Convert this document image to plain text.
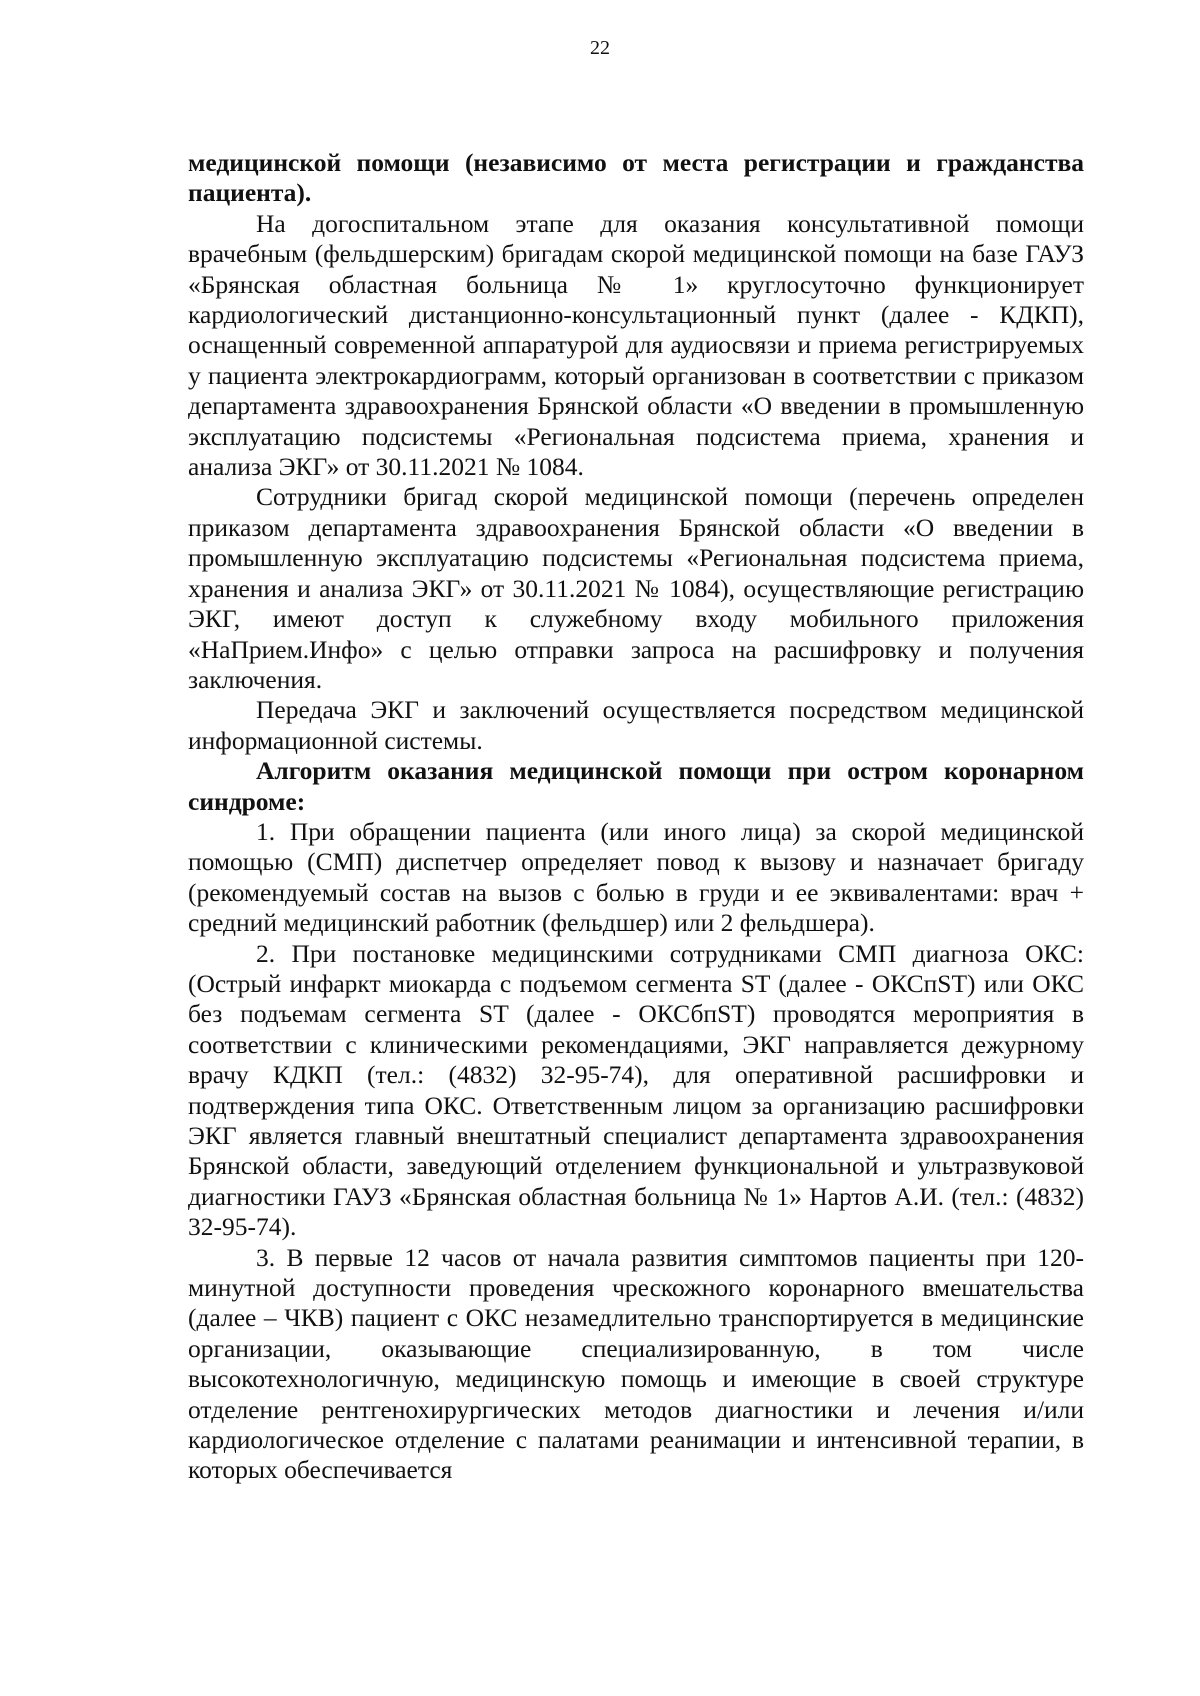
22

медицинской помощи (независимо от места регистрации и гражданства пациента).

На догоспитальном этапе для оказания консультативной помощи врачебным (фельдшерским) бригадам скорой медицинской помощи на базе ГАУЗ «Брянская областная больница № 1» круглосуточно функционирует кардиологический дистанционно-консультационный пункт (далее - КДКП), оснащенный современной аппаратурой для аудиосвязи и приема регистрируемых у пациента электрокардиограмм, который организован в соответствии с приказом департамента здравоохранения Брянской области «О введении в промышленную эксплуатацию подсистемы «Региональная подсистема приема, хранения и анализа ЭКГ» от 30.11.2021 № 1084.

Сотрудники бригад скорой медицинской помощи (перечень определен приказом департамента здравоохранения Брянской области «О введении в промышленную эксплуатацию подсистемы «Региональная подсистема приема, хранения и анализа ЭКГ» от 30.11.2021 № 1084), осуществляющие регистрацию ЭКГ, имеют доступ к служебному входу мобильного приложения «НаПрием.Инфо» с целью отправки запроса на расшифровку и получения заключения.

Передача ЭКГ и заключений осуществляется посредством медицинской информационной системы.

Алгоритм оказания медицинской помощи при остром коронарном синдроме:

1. При обращении пациента (или иного лица) за скорой медицинской помощью (СМП) диспетчер определяет повод к вызову и назначает бригаду (рекомендуемый состав на вызов с болью в груди и ее эквивалентами: врач + средний медицинский работник (фельдшер) или 2 фельдшера).

2. При постановке медицинскими сотрудниками СМП диагноза ОКС: (Острый инфаркт миокарда с подъемом сегмента ST (далее - ОКСпST) или ОКС без подъемам сегмента ST (далее - ОКСбпST) проводятся мероприятия в соответствии с клиническими рекомендациями, ЭКГ направляется дежурному врачу КДКП (тел.: (4832) 32-95-74), для оперативной расшифровки и подтверждения типа ОКС. Ответственным лицом за организацию расшифровки ЭКГ является главный внештатный специалист департамента здравоохранения Брянской области, заведующий отделением функциональной и ультразвуковой диагностики ГАУЗ «Брянская областная больница № 1» Нартов А.И. (тел.: (4832) 32-95-74).

3. В первые 12 часов от начала развития симптомов пациенты при 120-минутной доступности проведения чрескожного коронарного вмешательства (далее – ЧКВ) пациент с ОКС незамедлительно транспортируется в медицинские организации, оказывающие специализированную, в том числе высокотехнологичную, медицинскую помощь и имеющие в своей структуре отделение рентгенохирургических методов диагностики и лечения и/или кардиологическое отделение с палатами реанимации и интенсивной терапии, в которых обеспечивается
